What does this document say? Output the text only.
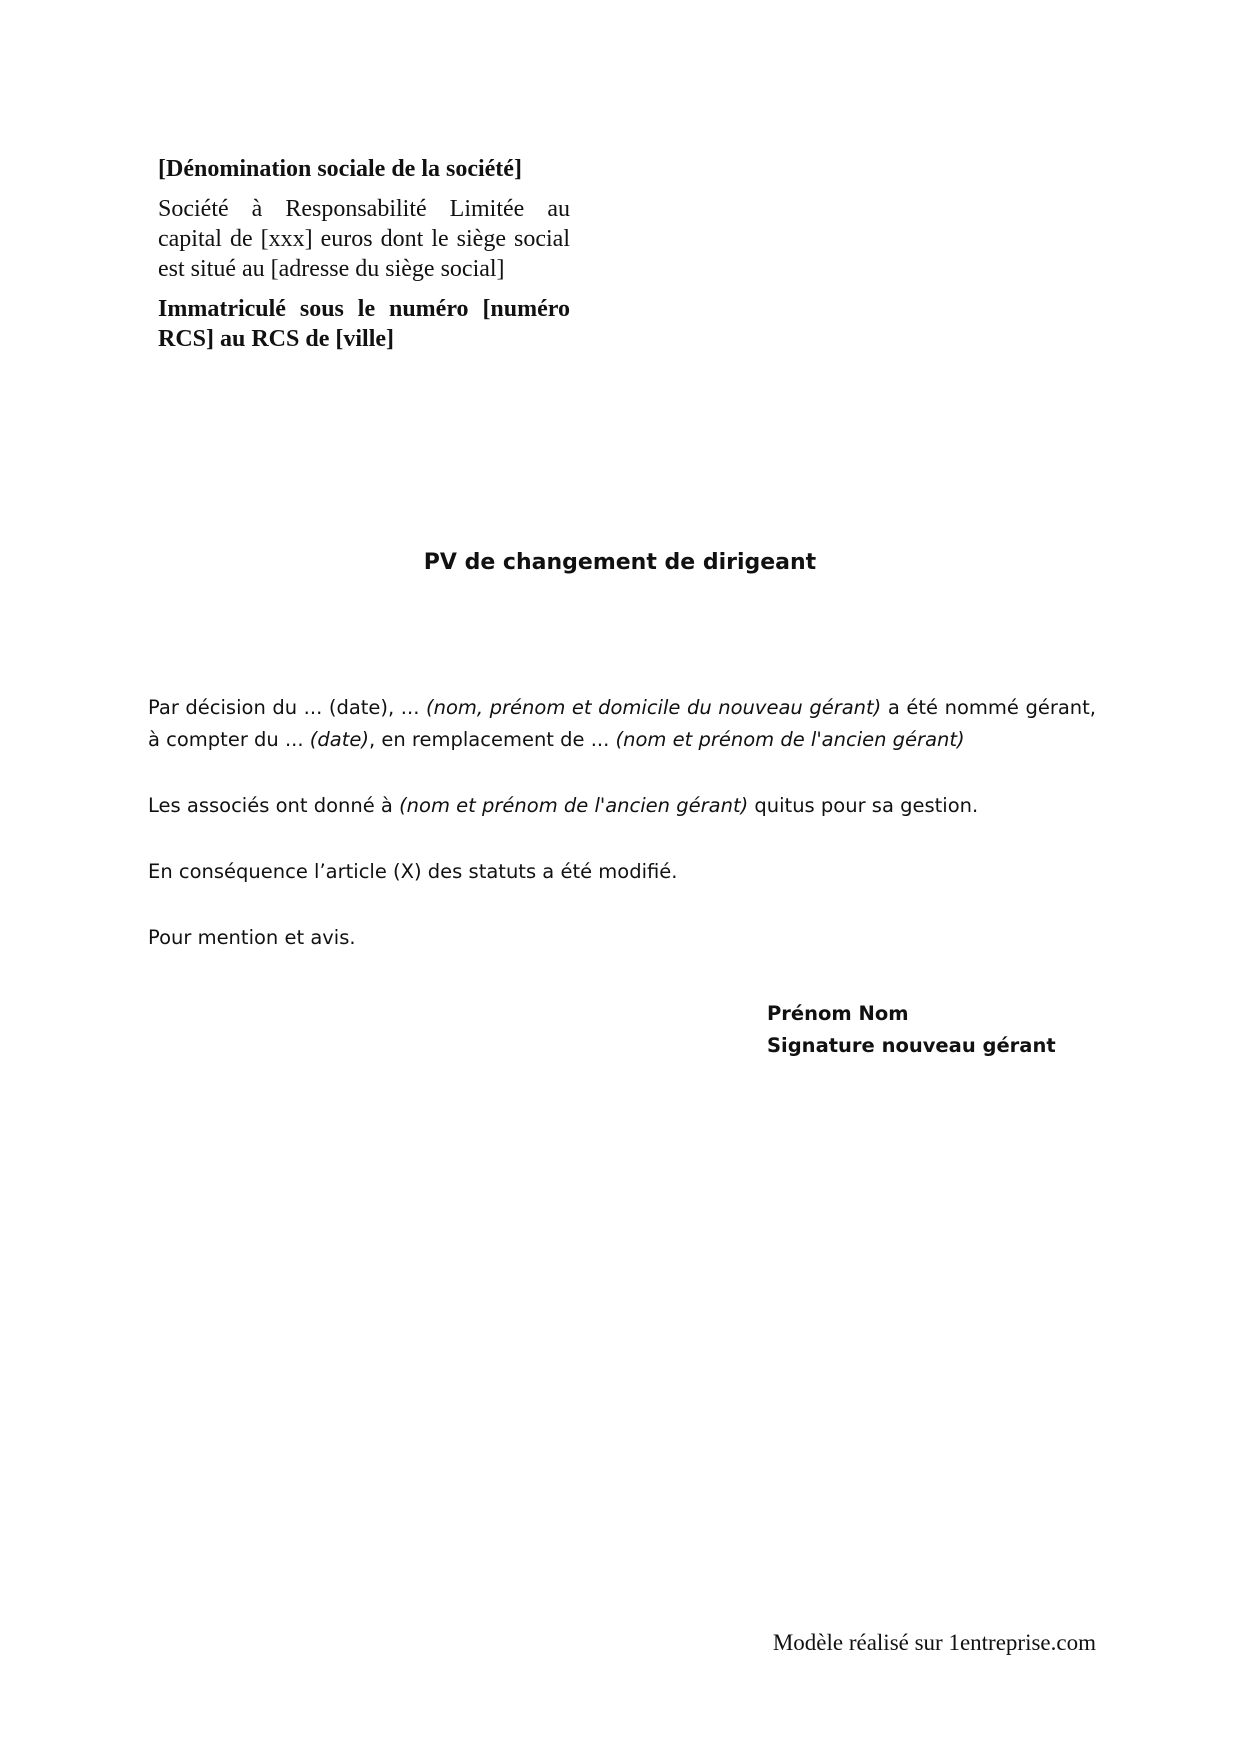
[Dénomination sociale de la société]

Société à Responsabilité Limitée au capital de [xxx] euros dont le siège social est situé au [adresse du siège social]

Immatriculé sous le numéro [numéro RCS] au RCS de [ville]

PV de changement de dirigeant

Par décision du ... (date), ... (nom, prénom et domicile du nouveau gérant) a été nommé gérant, à compter du ... (date), en remplacement de ... (nom et prénom de l'ancien gérant)

Les associés ont donné à (nom et prénom de l'ancien gérant) quitus pour sa gestion.

En conséquence l’article (X) des statuts a été modifié.

Pour mention et avis.

Prénom Nom
Signature nouveau gérant
Modèle réalisé sur 1entreprise.com
